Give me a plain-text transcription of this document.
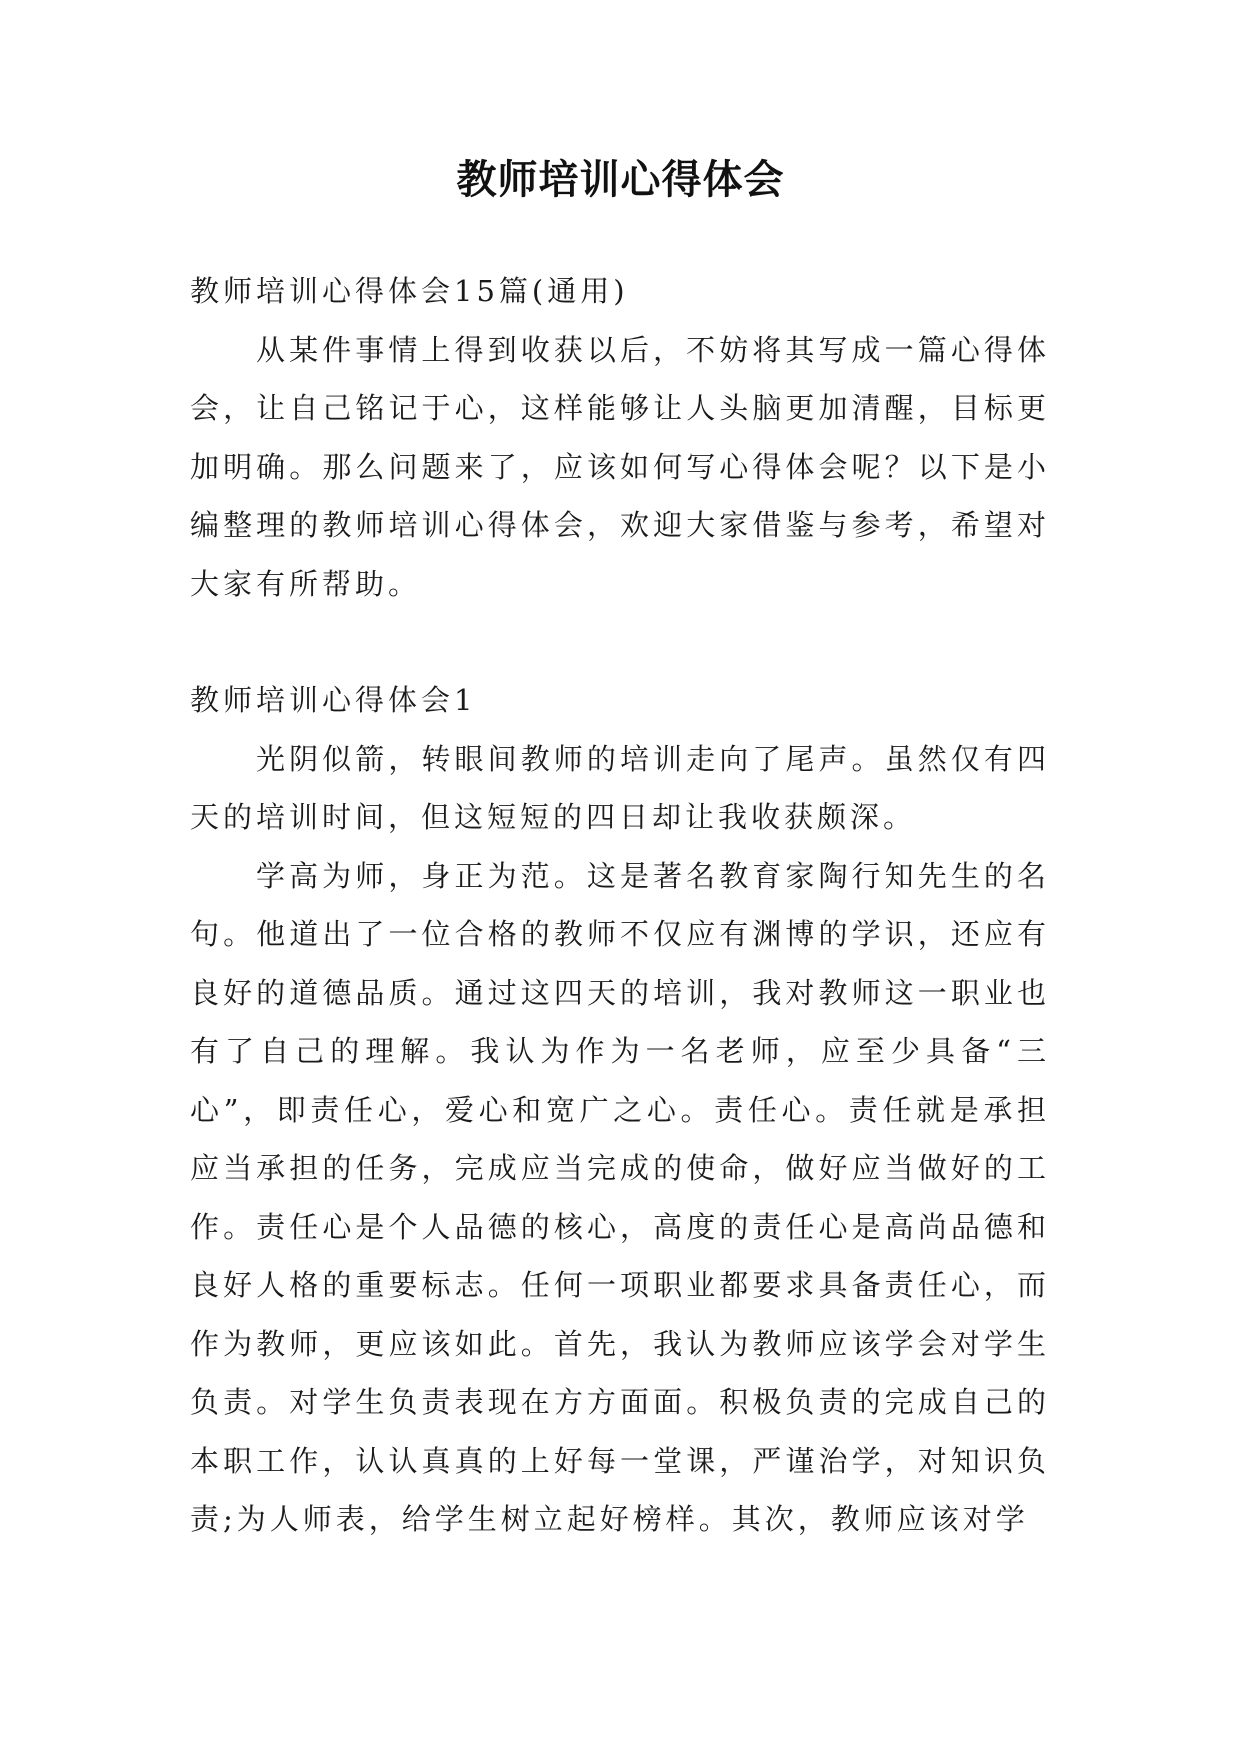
教师培训心得体会

教师培训心得体会15篇(通用)

从某件事情上得到收获以后，不妨将其写成一篇心得体会，让自己铭记于心，这样能够让人头脑更加清醒，目标更加明确。那么问题来了，应该如何写心得体会呢？以下是小编整理的教师培训心得体会，欢迎大家借鉴与参考，希望对大家有所帮助。

教师培训心得体会1

光阴似箭，转眼间教师的培训走向了尾声。虽然仅有四天的培训时间，但这短短的四日却让我收获颇深。

学高为师，身正为范。这是著名教育家陶行知先生的名句。他道出了一位合格的教师不仅应有渊博的学识，还应有良好的道德品质。通过这四天的培训，我对教师这一职业也有了自己的理解。我认为作为一名老师，应至少具备“三心”，即责任心，爱心和宽广之心。责任心。责任就是承担应当承担的任务，完成应当完成的使命，做好应当做好的工作。责任心是个人品德的核心，高度的责任心是高尚品德和良好人格的重要标志。任何一项职业都要求具备责任心，而作为教师，更应该如此。首先，我认为教师应该学会对学生负责。对学生负责表现在方方面面。积极负责的完成自己的本职工作，认认真真的上好每一堂课，严谨治学，对知识负责;为人师表，给学生树立起好榜样。其次，教师应该对学
